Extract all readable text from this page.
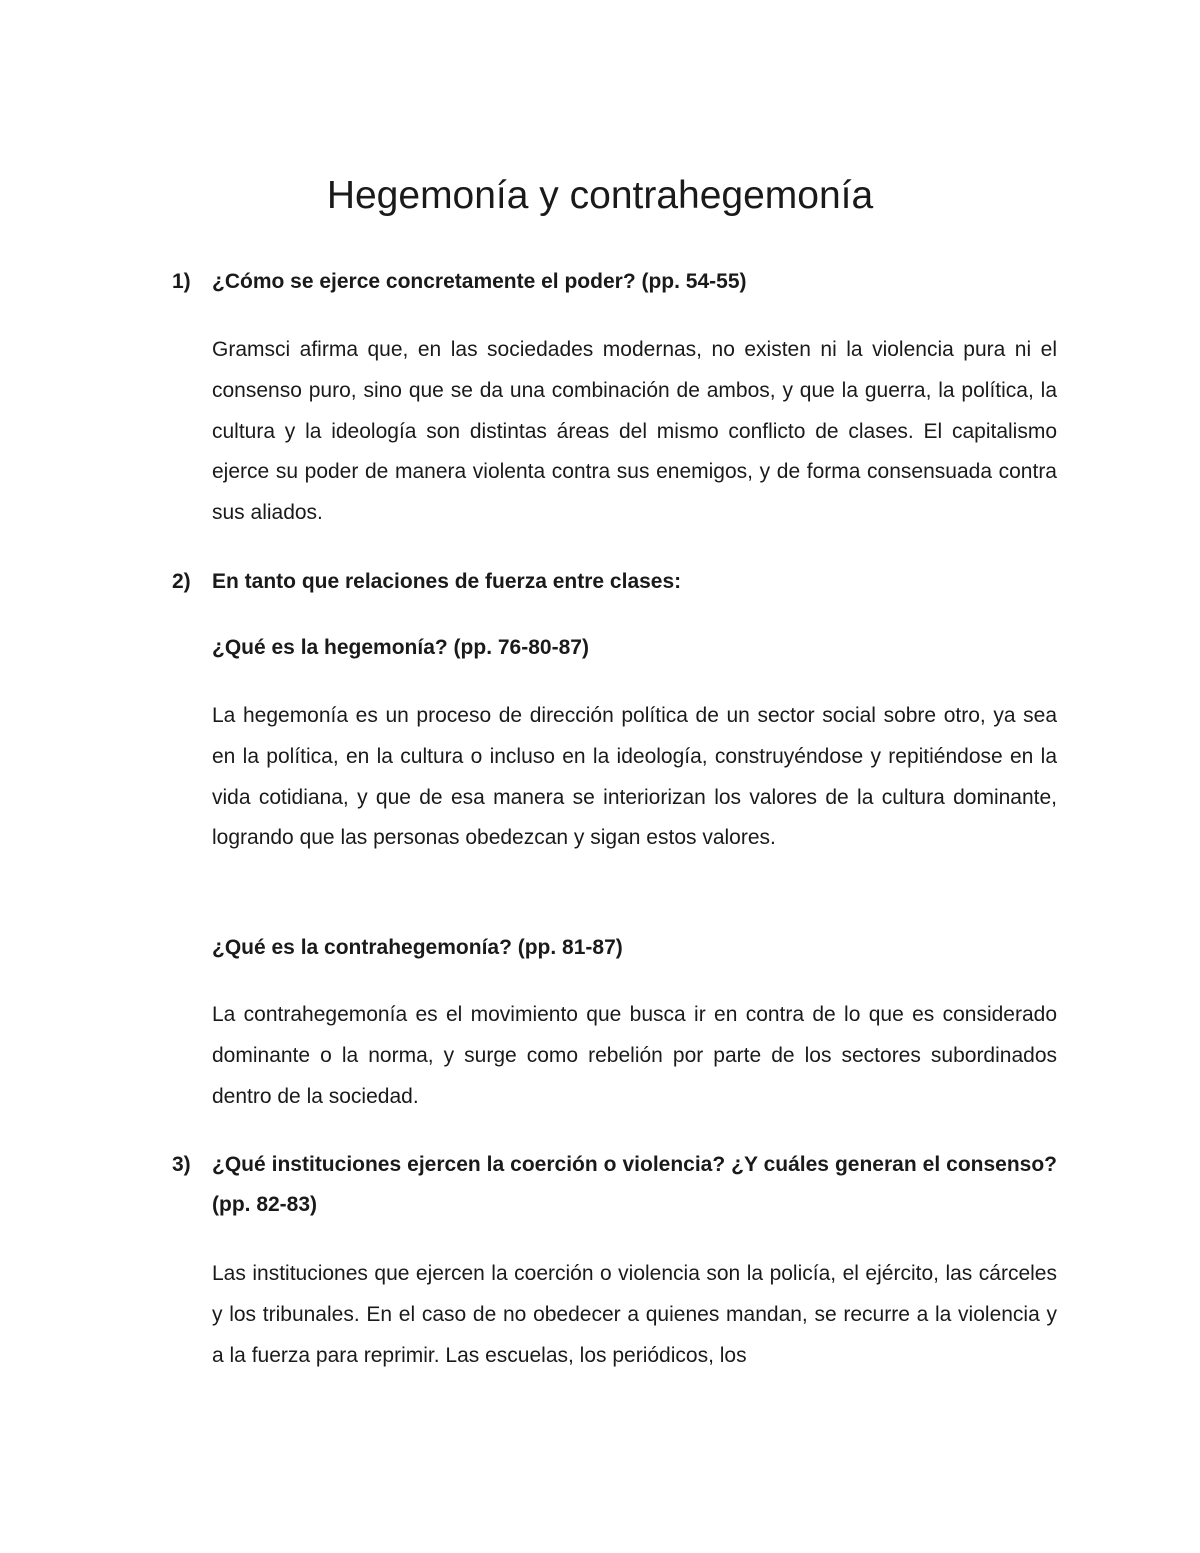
Hegemonía y contrahegemonía
1) ¿Cómo se ejerce concretamente el poder? (pp. 54-55)

Gramsci afirma que, en las sociedades modernas, no existen ni la violencia pura ni el consenso puro, sino que se da una combinación de ambos, y que la guerra, la política, la cultura y la ideología son distintas áreas del mismo conflicto de clases. El capitalismo ejerce su poder de manera violenta contra sus enemigos, y de forma consensuada contra sus aliados.

2) En tanto que relaciones de fuerza entre clases:
¿Qué es la hegemonía? (pp. 76-80-87)

La hegemonía es un proceso de dirección política de un sector social sobre otro, ya sea en la política, en la cultura o incluso en la ideología, construyéndose y repitiéndose en la vida cotidiana, y que de esa manera se interiorizan los valores de la cultura dominante, logrando que las personas obedezcan y sigan estos valores.

¿Qué es la contrahegemonía? (pp. 81-87)

La contrahegemonía es el movimiento que busca ir en contra de lo que es considerado dominante o la norma, y surge como rebelión por parte de los sectores subordinados dentro de la sociedad.

3) ¿Qué instituciones ejercen la coerción o violencia? ¿Y cuáles generan el consenso? (pp. 82-83)

Las instituciones que ejercen la coerción o violencia son la policía, el ejército, las cárceles y los tribunales. En el caso de no obedecer a quienes mandan, se recurre a la violencia y a la fuerza para reprimir. Las escuelas, los periódicos, los
